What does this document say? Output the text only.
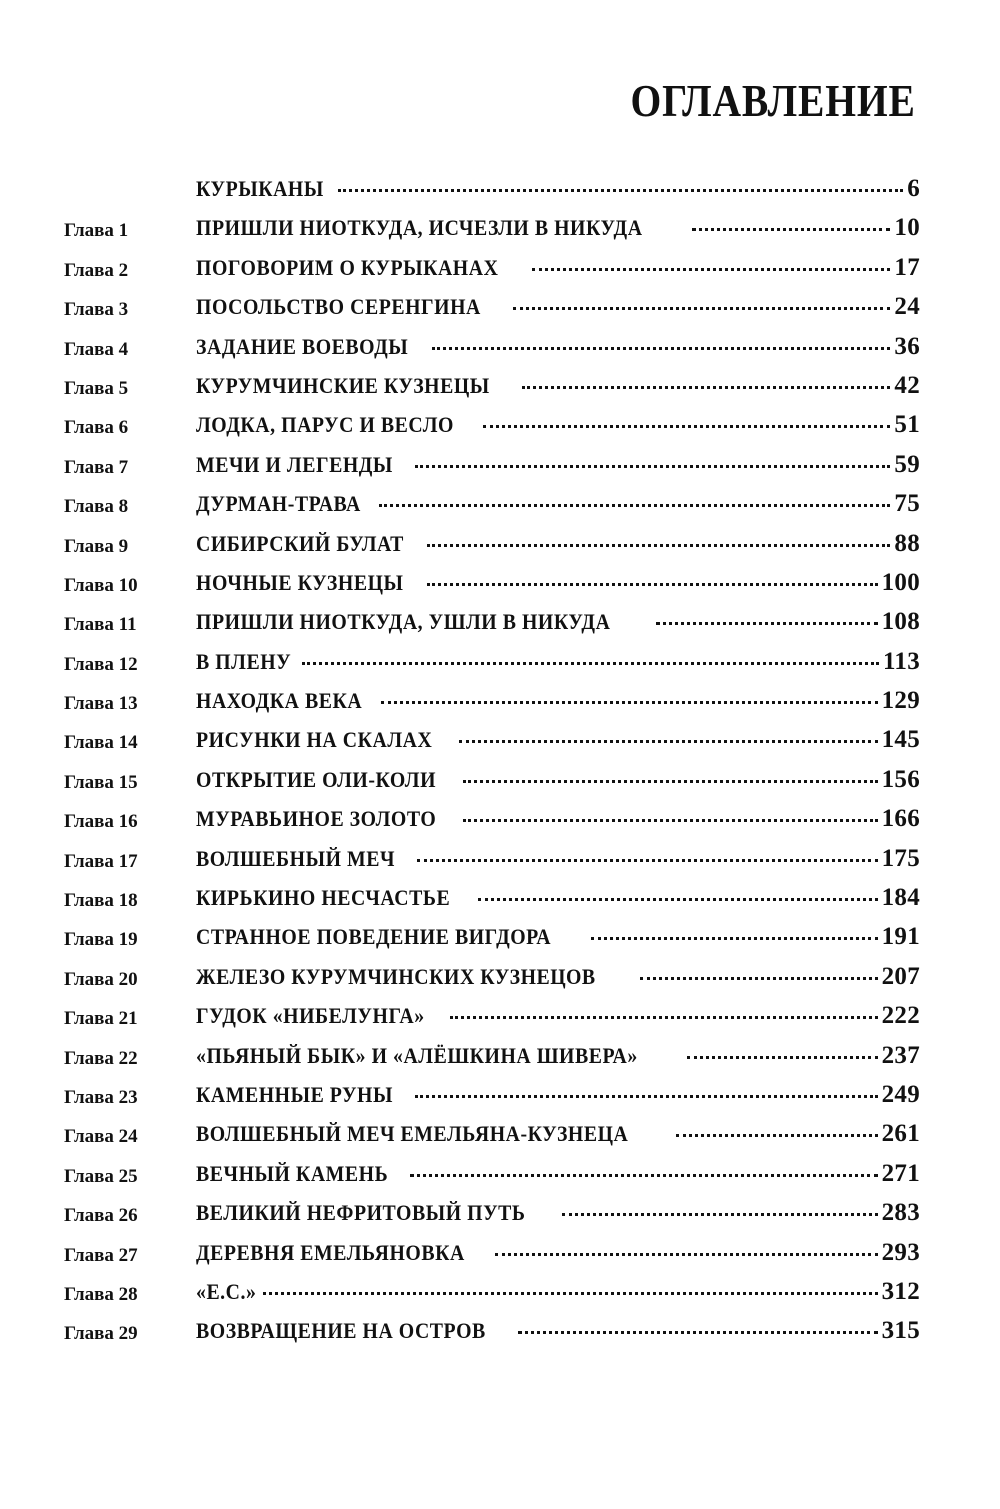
ОГЛАВЛЕНИЕ
КУРЫКАНЫ	6
Глава 1	ПРИШЛИ НИОТКУДА, ИСЧЕЗЛИ В НИКУДА	10
Глава 2	ПОГОВОРИМ О КУРЫКАНАХ	17
Глава 3	ПОСОЛЬСТВО СЕРЕНГИНА	24
Глава 4	ЗАДАНИЕ ВОЕВОДЫ	36
Глава 5	КУРУМЧИНСКИЕ КУЗНЕЦЫ	42
Глава 6	ЛОДКА, ПАРУС И ВЕСЛО	51
Глава 7	МЕЧИ И ЛЕГЕНДЫ	59
Глава 8	ДУРМАН-ТРАВА	75
Глава 9	СИБИРСКИЙ БУЛАТ	88
Глава 10	НОЧНЫЕ КУЗНЕЦЫ	100
Глава 11	ПРИШЛИ НИОТКУДА, УШЛИ В НИКУДА	108
Глава 12	В ПЛЕНУ	113
Глава 13	НАХОДКА ВЕКА	129
Глава 14	РИСУНКИ НА СКАЛАХ	145
Глава 15	ОТКРЫТИЕ ОЛИ-КОЛИ	156
Глава 16	МУРАВЬИНОЕ ЗОЛОТО	166
Глава 17	ВОЛШЕБНЫЙ МЕЧ	175
Глава 18	КИРЬКИНО НЕСЧАСТЬЕ	184
Глава 19	СТРАННОЕ ПОВЕДЕНИЕ ВИГДОРА	191
Глава 20	ЖЕЛЕЗО КУРУМЧИНСКИХ КУЗНЕЦОВ	207
Глава 21	ГУДОК «НИБЕЛУНГА»	222
Глава 22	«ПЬЯНЫЙ БЫК» И «АЛЁШКИНА ШИВЕРА»	237
Глава 23	КАМЕННЫЕ РУНЫ	249
Глава 24	ВОЛШЕБНЫЙ МЕЧ ЕМЕЛЬЯНА-КУЗНЕЦА	261
Глава 25	ВЕЧНЫЙ КАМЕНЬ	271
Глава 26	ВЕЛИКИЙ НЕФРИТОВЫЙ ПУТЬ	283
Глава 27	ДЕРЕВНЯ ЕМЕЛЬЯНОВКА	293
Глава 28	«Е.С.»	312
Глава 29	ВОЗВРАЩЕНИЕ НА ОСТРОВ	315
